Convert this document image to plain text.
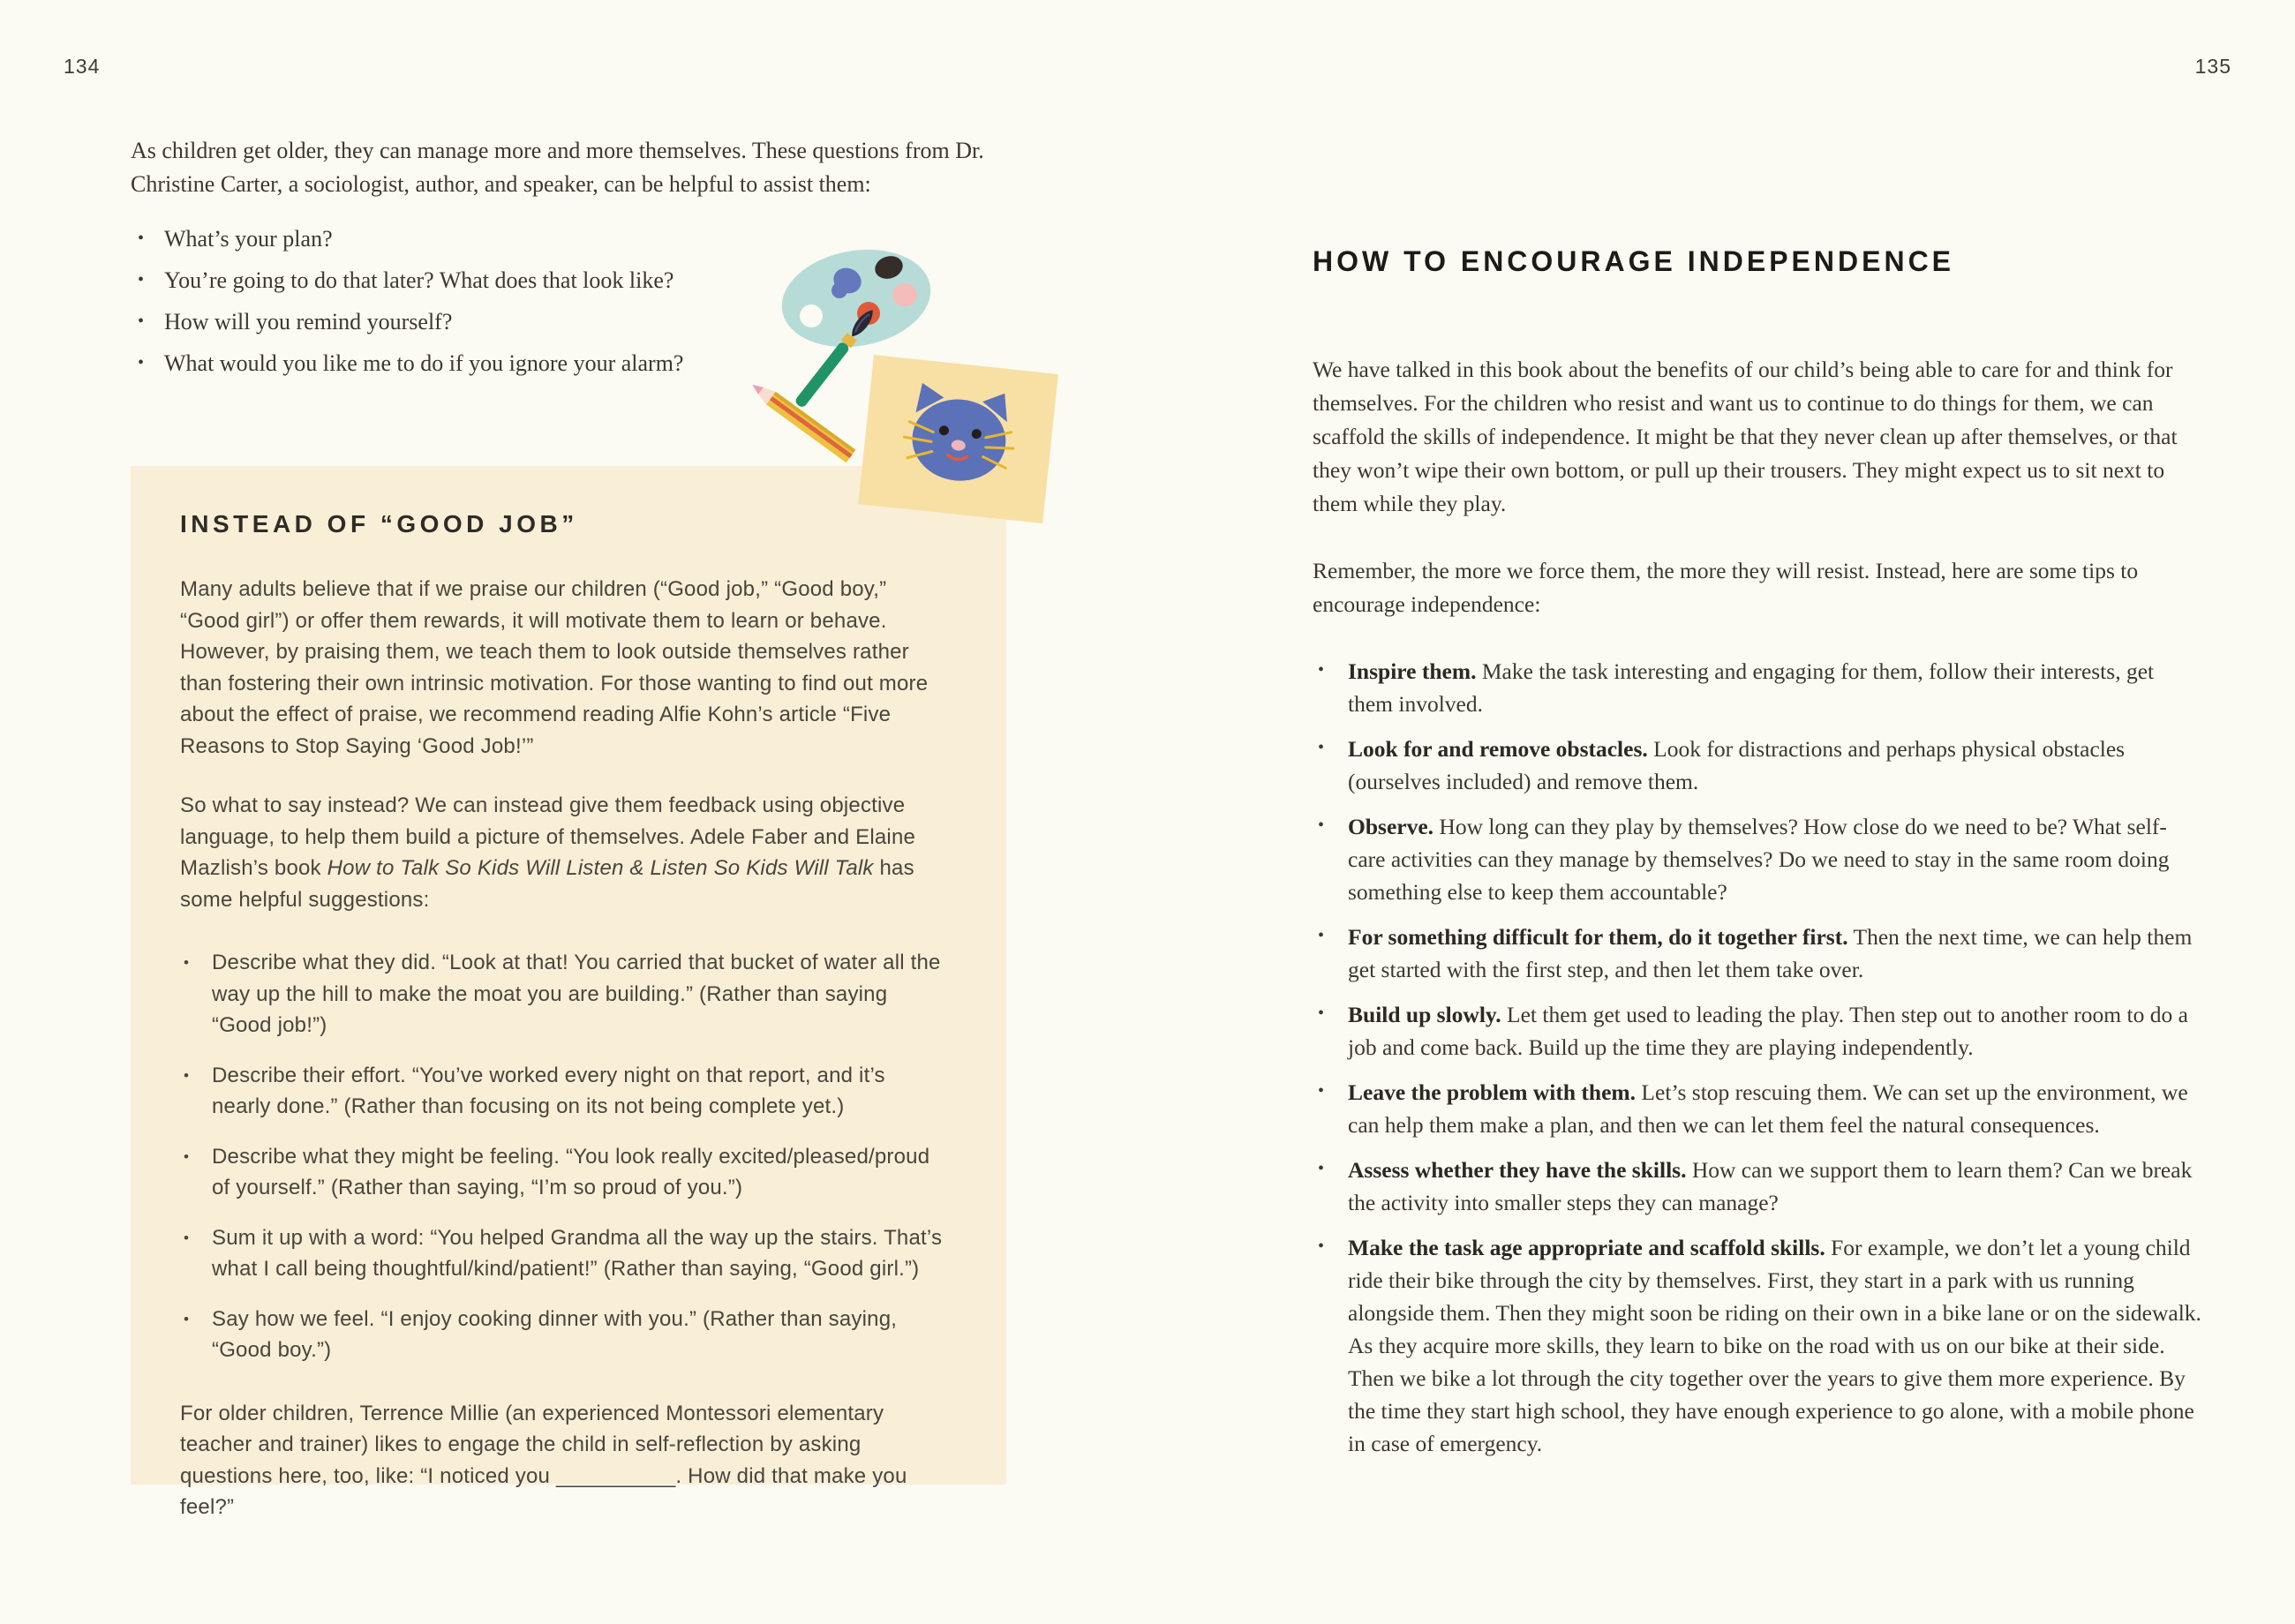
134	135

As children get older, they can manage more and more themselves. These questions from Dr. Christine Carter, a sociologist, author, and speaker, can be helpful to assist them:

• What’s your plan?
• You’re going to do that later? What does that look like?
• How will you remind yourself?
• What would you like me to do if you ignore your alarm?
INSTEAD OF “GOOD JOB”

Many adults believe that if we praise our children (“Good job,” “Good boy,” “Good girl”) or offer them rewards, it will motivate them to learn or behave. However, by praising them, we teach them to look outside themselves rather than fostering their own intrinsic motivation. For those wanting to find out more about the effect of praise, we recommend reading Alfie Kohn’s article “Five Reasons to Stop Saying ‘Good Job!’”

So what to say instead? We can instead give them feedback using objective language, to help them build a picture of themselves. Adele Faber and Elaine Mazlish’s book How to Talk So Kids Will Listen & Listen So Kids Will Talk has some helpful suggestions:

• Describe what they did. “Look at that! You carried that bucket of water all the way up the hill to make the moat you are building.” (Rather than saying “Good job!”)
• Describe their effort. “You’ve worked every night on that report, and it’s nearly done.” (Rather than focusing on its not being complete yet.)
• Describe what they might be feeling. “You look really excited/pleased/proud of yourself.” (Rather than saying, “I’m so proud of you.”)
• Sum it up with a word: “You helped Grandma all the way up the stairs. That’s what I call being thoughtful/kind/patient!” (Rather than saying, “Good girl.”)
• Say how we feel. “I enjoy cooking dinner with you.” (Rather than saying, “Good boy.”)

For older children, Terrence Millie (an experienced Montessori elementary teacher and trainer) likes to engage the child in self-reflection by asking questions here, too, like: “I noticed you __________. How did that make you feel?”

HOW TO ENCOURAGE INDEPENDENCE

We have talked in this book about the benefits of our child’s being able to care for and think for themselves. For the children who resist and want us to continue to do things for them, we can scaffold the skills of independence. It might be that they never clean up after themselves, or that they won’t wipe their own bottom, or pull up their trousers. They might expect us to sit next to them while they play.

Remember, the more we force them, the more they will resist. Instead, here are some tips to encourage independence:

• Inspire them. Make the task interesting and engaging for them, follow their interests, get them involved.
• Look for and remove obstacles. Look for distractions and perhaps physical obstacles (ourselves included) and remove them.
• Observe. How long can they play by themselves? How close do we need to be? What self-care activities can they manage by themselves? Do we need to stay in the same room doing something else to keep them accountable?
• For something difficult for them, do it together first. Then the next time, we can help them get started with the first step, and then let them take over.
• Build up slowly. Let them get used to leading the play. Then step out to another room to do a job and come back. Build up the time they are playing independently.
• Leave the problem with them. Let’s stop rescuing them. We can set up the environment, we can help them make a plan, and then we can let them feel the natural consequences.
• Assess whether they have the skills. How can we support them to learn them? Can we break the activity into smaller steps they can manage?
• Make the task age appropriate and scaffold skills. For example, we don’t let a young child ride their bike through the city by themselves. First, they start in a park with us running alongside them. Then they might soon be riding on their own in a bike lane or on the sidewalk. As they acquire more skills, they learn to bike on the road with us on our bike at their side. Then we bike a lot through the city together over the years to give them more experience. By the time they start high school, they have enough experience to go alone, with a mobile phone in case of emergency.
